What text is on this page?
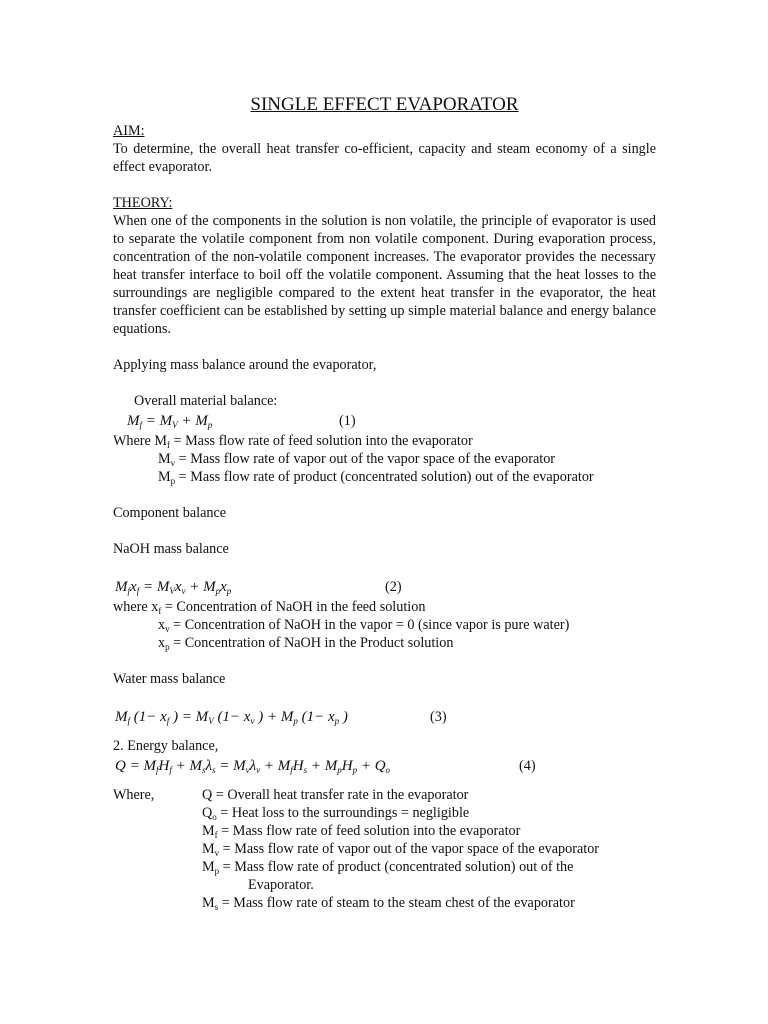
SINGLE EFFECT EVAPORATOR
AIM:

To determine, the overall heat transfer co-efficient, capacity and steam economy of a single effect evaporator.

THEORY:

When one of the components in the solution is non volatile, the principle of evaporator is used to separate the volatile component from non volatile component. During evaporation process, concentration of the non-volatile component increases. The evaporator provides the necessary heat transfer interface to boil off the volatile component. Assuming that the heat losses to the surroundings are negligible compared to the extent heat transfer in the evaporator, the heat transfer coefficient can be established by setting up simple material balance and energy balance equations.

Applying mass balance around the evaporator,
Overall material balance:
$M_f = M_V + M_p$	(1)
Where $M_f$ = Mass flow rate of feed solution into the evaporator
$M_v$ = Mass flow rate of vapor out of the vapor space of the evaporator
$M_p$ = Mass flow rate of product (concentrated solution) out of the evaporator
Component balance
NaOH mass balance
$M_fx_f = M_Vx_v + M_px_p$	(2)
where $x_f$ = Concentration of NaOH in the feed solution
$x_v$ = Concentration of NaOH in the vapor = 0 (since vapor is pure water)
$x_p$ = Concentration of NaOH in the Product solution
Water mass balance
$M_f$ ($1- x_f$ ) = $M_V$ ($1- x_v$ ) + $M_p$ ($1- x_p$ )	(3)
2. Energy balance,
$Q = M_fH_f + M_s\lambda_s = M_v\lambda_v + M_fH_s + M_pH_p + Q_o$	(4)
Where,	Q = Overall heat transfer rate in the evaporator
$Q_o$ = Heat loss to the surroundings = negligible
$M_f$ = Mass flow rate of feed solution into the evaporator
$M_v$ = Mass flow rate of vapor out of the vapor space of the evaporator
$M_p$ = Mass flow rate of product (concentrated solution) out of the
Evaporator.
$M_s$ = Mass flow rate of steam to the steam chest of the evaporator
